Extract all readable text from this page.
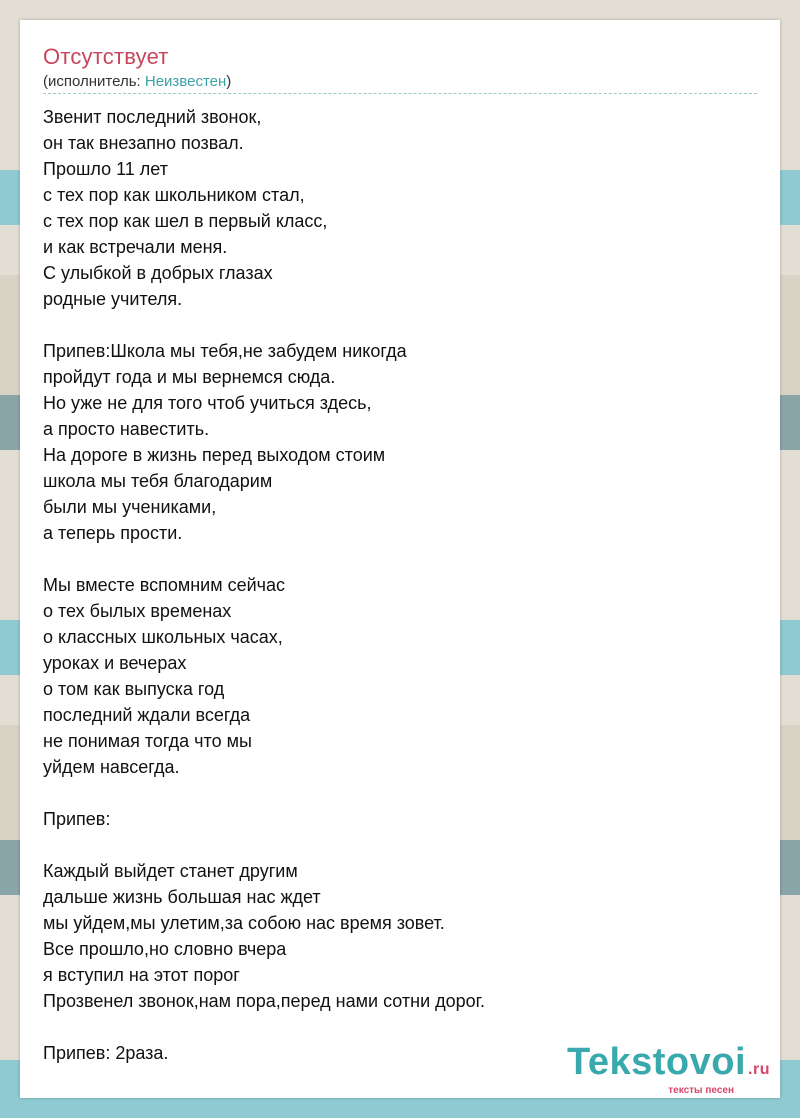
Отсутствует
(исполнитель: Неизвестен)
Звенит последний звонок,
он так внезапно позвал.
Прошло 11 лет
с тех пор как школьником стал,
с тех пор как шел в первый класс,
и как встречали меня.
С улыбкой в добрых глазах
родные учителя.
Припев:Школа мы тебя,не забудем никогда
пройдут года и мы вернемся сюда.
Но уже не для того чтоб учиться здесь,
а просто навестить.
На дороге в жизнь перед выходом стоим
школа мы тебя благодарим
были мы учениками,
а теперь прости.
Мы вместе вспомним сейчас
о тех былых временах
о классных школьных часах,
уроках и вечерах
о том как выпуска год
последний ждали всегда
не понимая тогда что мы
уйдем навсегда.
Припев:
Каждый выйдет станет другим
дальше жизнь большая нас ждет
мы уйдем,мы улетим,за собою нас время зовет.
Все прошло,но словно вчера
я вступил на этот порог
Прозвенел звонок,нам пора,перед нами сотни дорог.
Припев: 2раза.	Tekstovoi .ru
тексты песен
